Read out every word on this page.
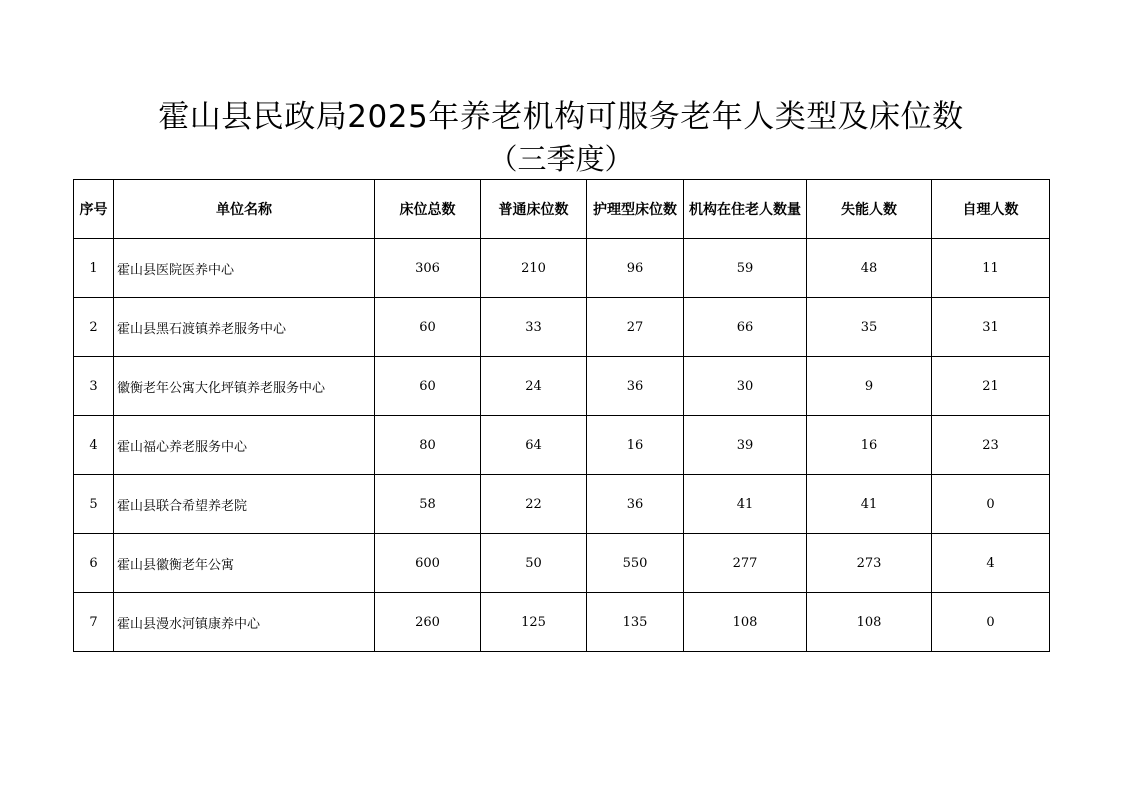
霍山县民政局2025年养老机构可服务老年人类型及床位数
（三季度）
序号	单位名称	床位总数	普通床位数	护理型床位数	机构在住老人数量	失能人数	自理人数
1	霍山县医院医养中心	306	210	96	59	48	11
2	霍山县黑石渡镇养老服务中心	60	33	27	66	35	31
3	徽衡老年公寓大化坪镇养老服务中心	60	24	36	30	9	21
4	霍山福心养老服务中心	80	64	16	39	16	23
5	霍山县联合希望养老院	58	22	36	41	41	0
6	霍山县徽衡老年公寓	600	50	550	277	273	4
7	霍山县漫水河镇康养中心	260	125	135	108	108	0
